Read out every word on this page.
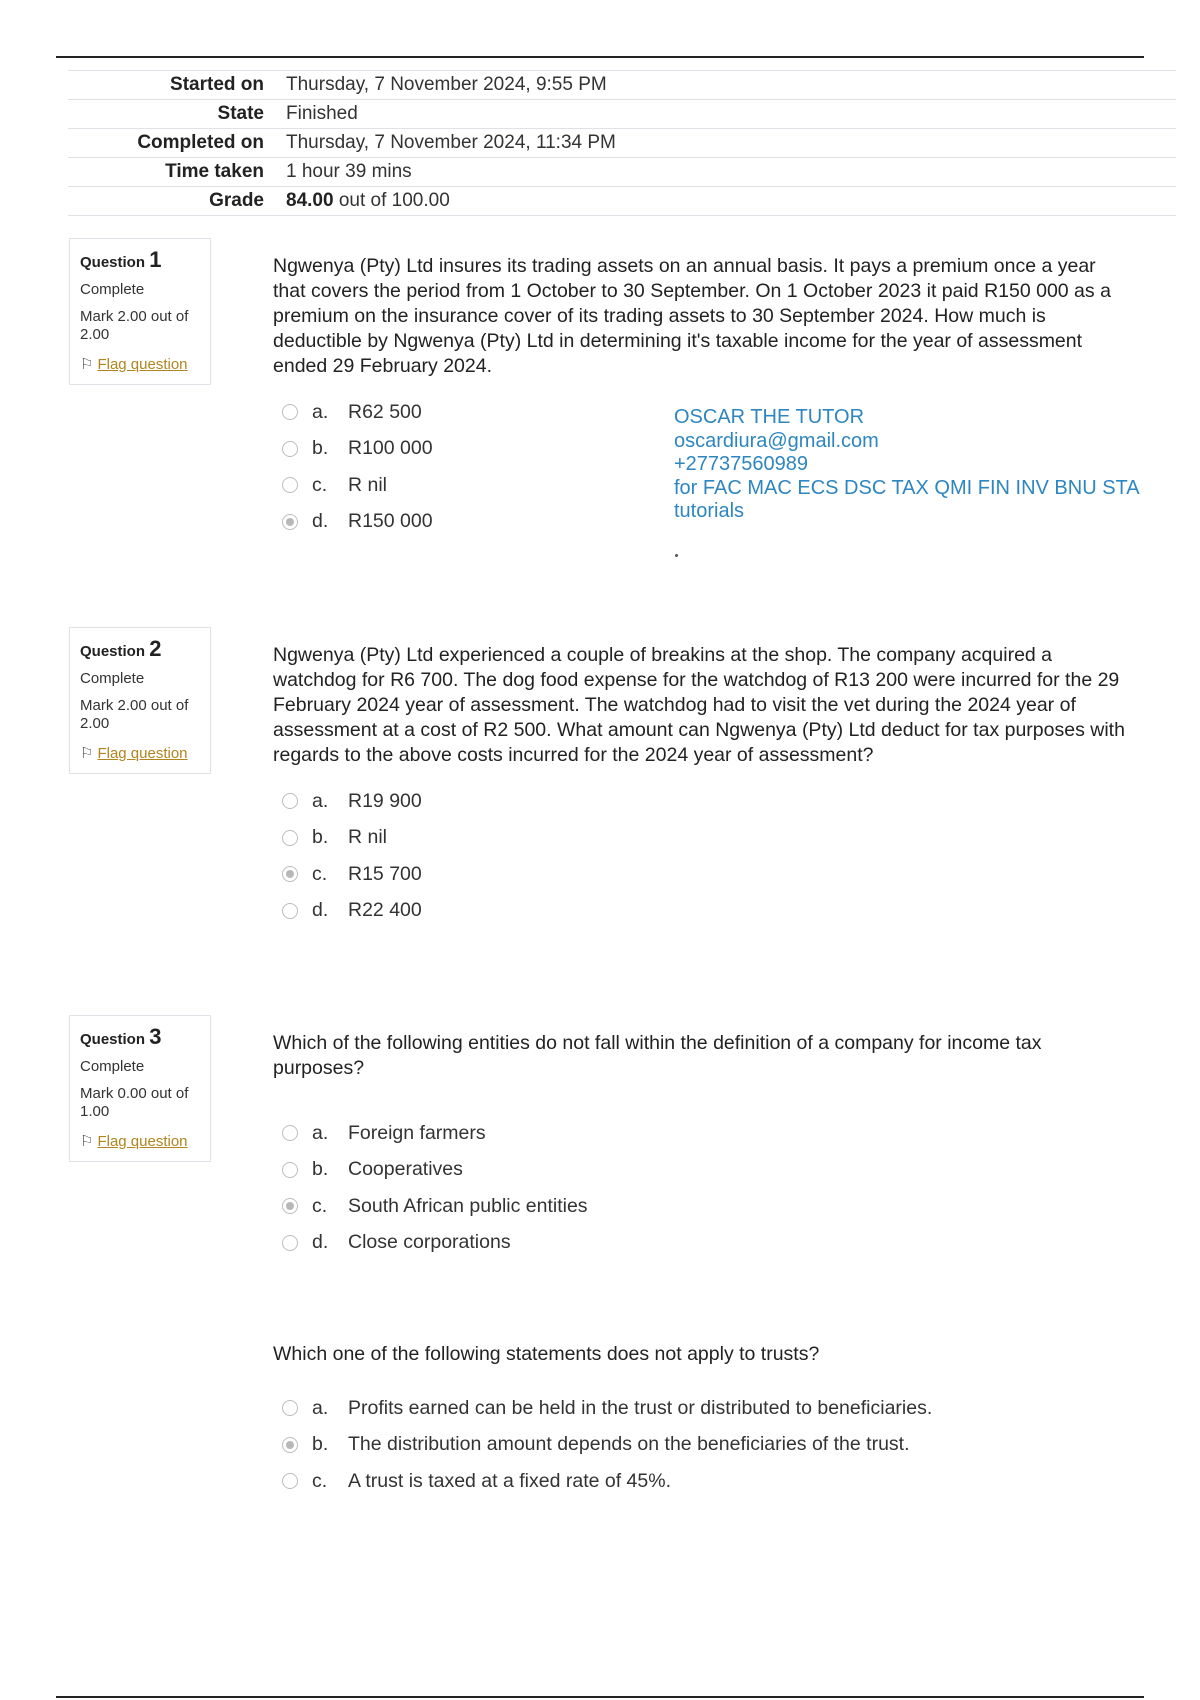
Started on	Thursday, 7 November 2024, 9:55 PM
State	Finished
Completed on	Thursday, 7 November 2024, 11:34 PM
Time taken	1 hour 39 mins
Grade	84.00 out of 100.00
Question 1
Complete
Mark 2.00 out of 2.00
⚐ Flag question
Ngwenya (Pty) Ltd insures its trading assets on an annual basis. It pays a premium once a year that covers the period from 1 October to 30 September. On 1 October 2023 it paid R150 000 as a premium on the insurance cover of its trading assets to 30 September 2024. How much is deductible by Ngwenya (Pty) Ltd in determining it's taxable income for the year of assessment ended 29 February 2024.
a.	R62 500
b.	R100 000
c.	R nil
d.	R150 000
OSCAR THE TUTOR
oscardiura@gmail.com
+27737560989
for FAC MAC ECS DSC TAX QMI FIN INV BNU STA
tutorials
Question 2
Complete
Mark 2.00 out of 2.00
⚐ Flag question
Ngwenya (Pty) Ltd experienced a couple of breakins at the shop. The company acquired a watchdog for R6 700. The dog food expense for the watchdog of R13 200 were incurred for the 29 February 2024 year of assessment. The watchdog had to visit the vet during the 2024 year of assessment at a cost of R2 500. What amount can Ngwenya (Pty) Ltd deduct for tax purposes with regards to the above costs incurred for the 2024 year of assessment?
a.	R19 900
b.	R nil
c.	R15 700
d.	R22 400
Question 3
Complete
Mark 0.00 out of 1.00
⚐ Flag question
Which of the following entities do not fall within the definition of a company for income tax purposes?
a.	Foreign farmers
b.	Cooperatives
c.	South African public entities
d.	Close corporations
Which one of the following statements does not apply to trusts?
a.	Profits earned can be held in the trust or distributed to beneficiaries.
b.	The distribution amount depends on the beneficiaries of the trust.
c.	A trust is taxed at a fixed rate of 45%.
